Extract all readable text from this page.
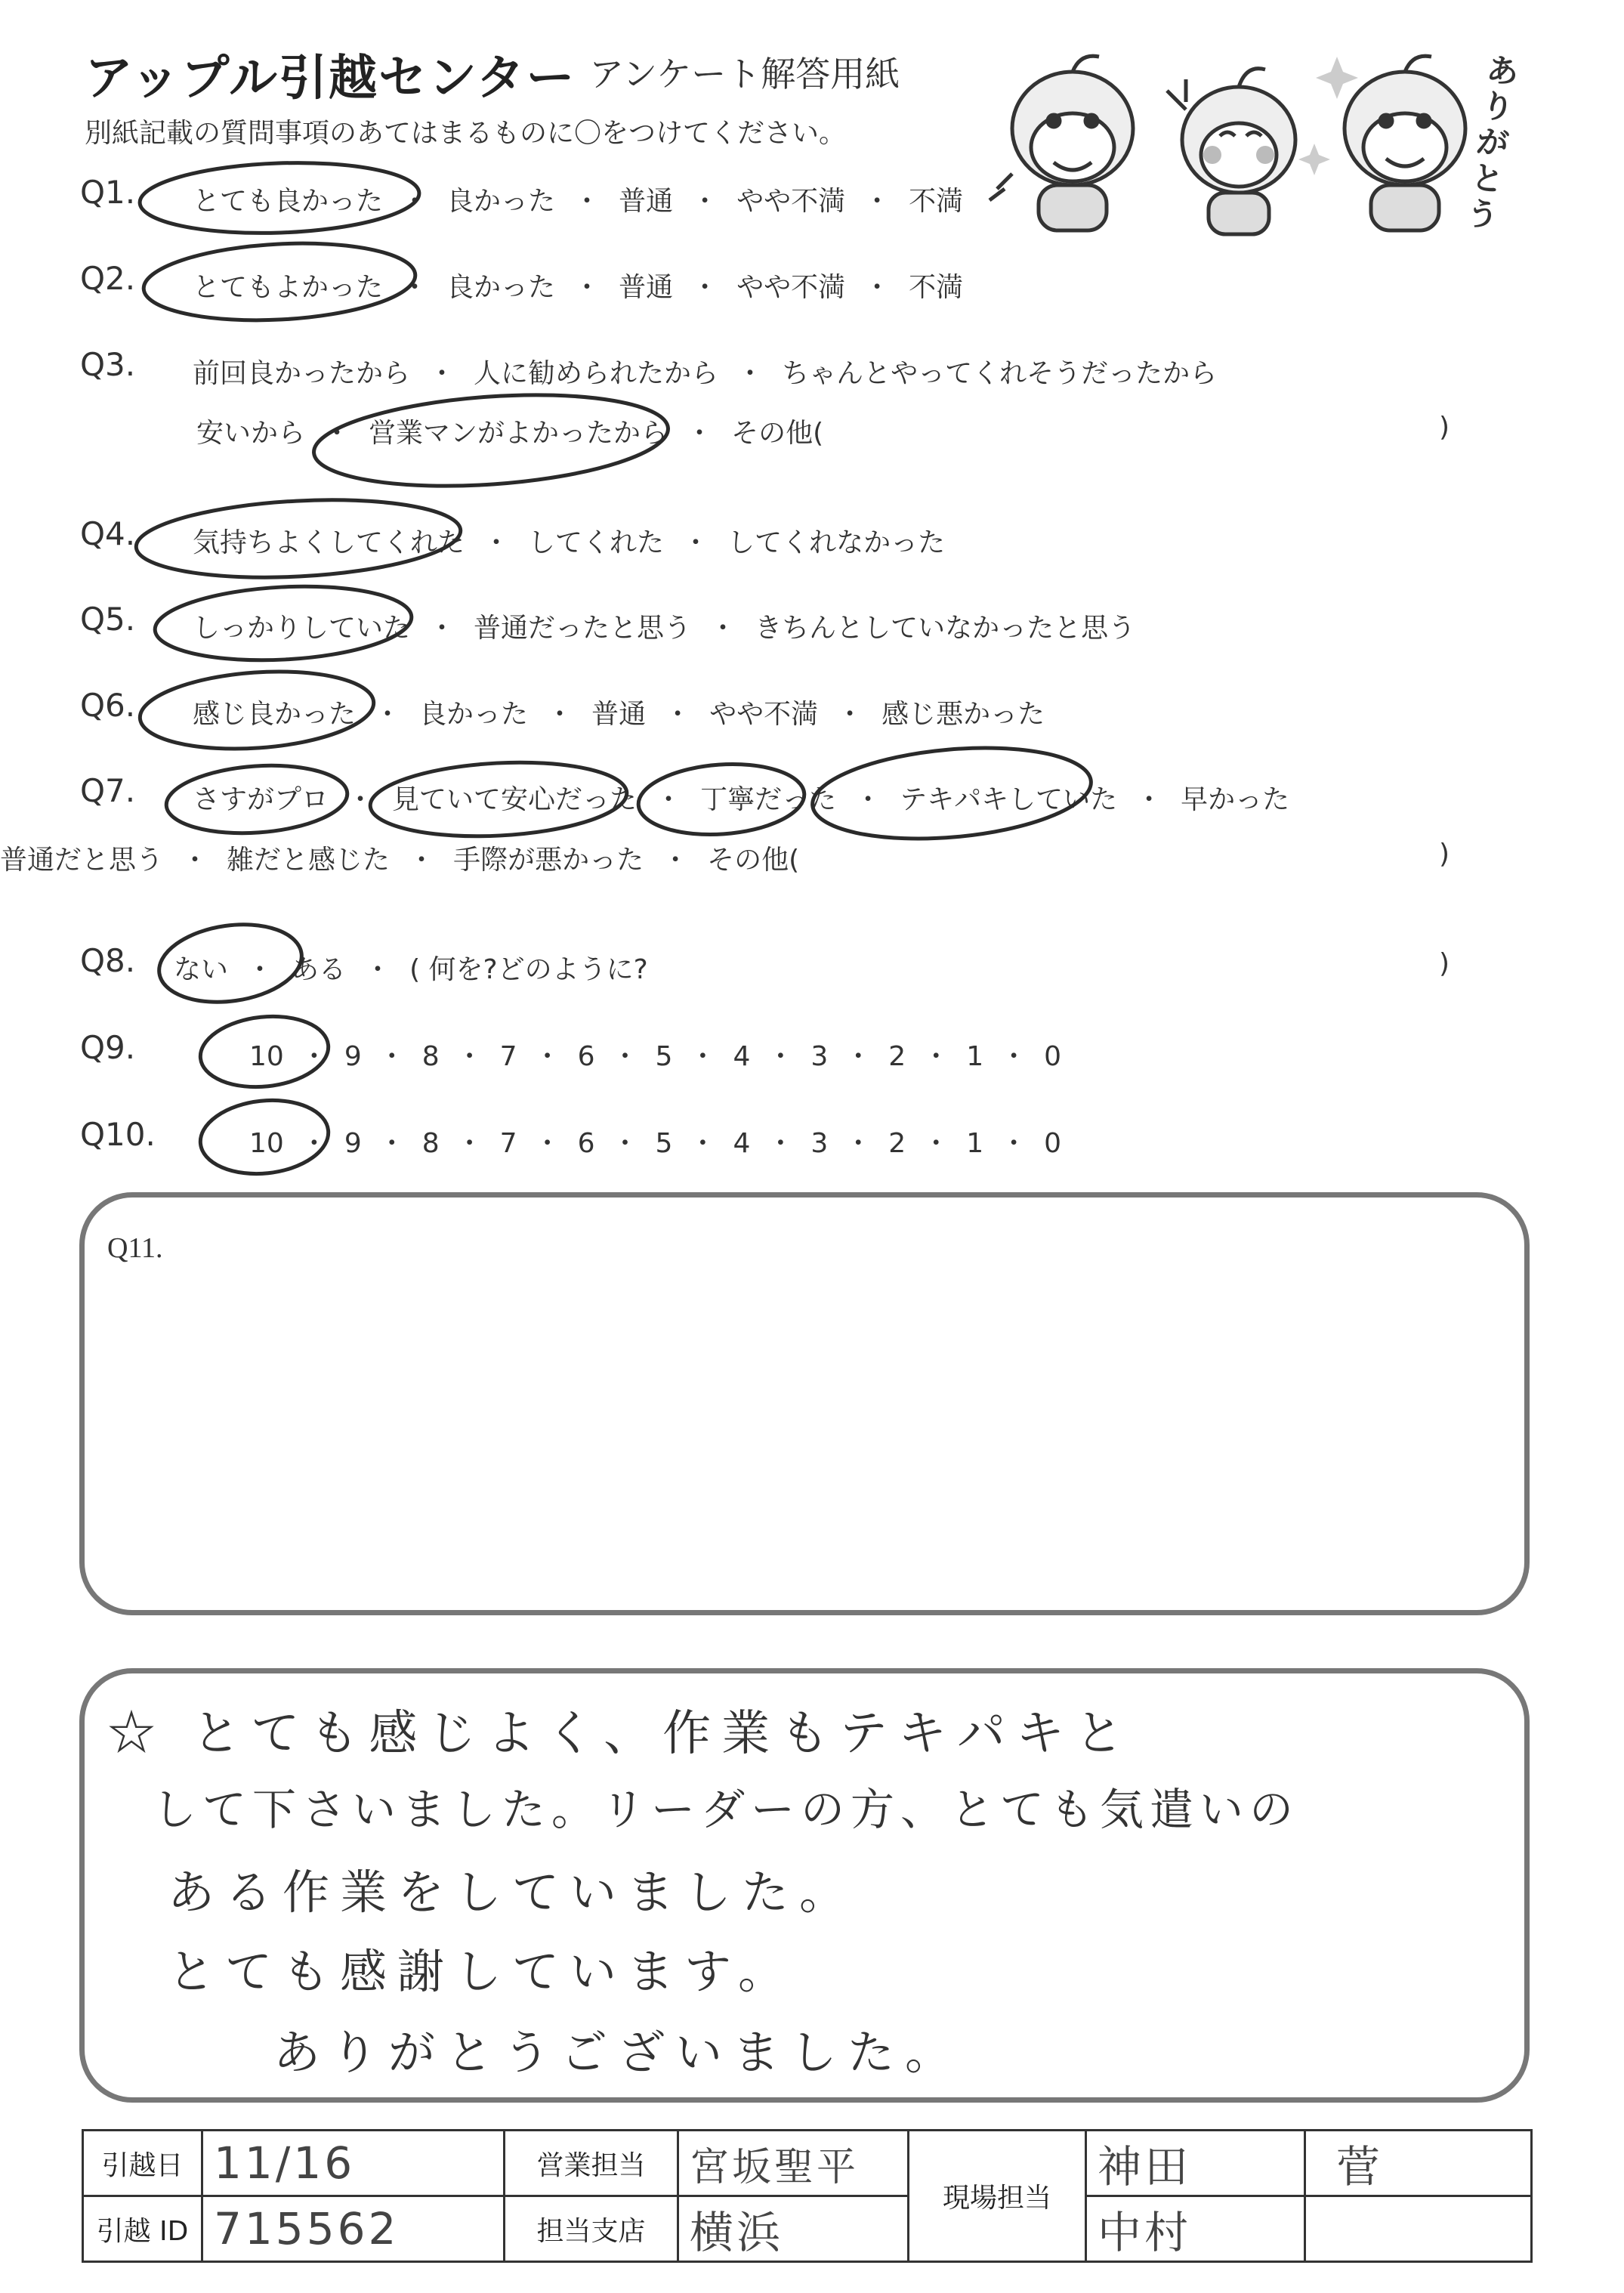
アップル引越センター アンケート解答用紙
別紙記載の質問事項のあてはまるものに〇をつけてください。
ありがとう
Q1. とても良かった ・ 良かった ・ 普通 ・ やや不満 ・ 不満
Q2. とてもよかった ・ 良かった ・ 普通 ・ やや不満 ・ 不満
Q3. 前回良かったから ・ 人に勧められたから ・ ちゃんとやってくれそうだったから
安いから ・ 営業マンがよかったから ・ その他(	)
Q4. 気持ちよくしてくれた ・ してくれた ・ してくれなかった
Q5. しっかりしていた ・ 普通だったと思う ・ きちんとしていなかったと思う
Q6. 感じ良かった ・ 良かった ・ 普通 ・ やや不満 ・ 感じ悪かった
Q7. さすがプロ ・ 見ていて安心だった ・ 丁寧だった ・ テキパキしていた ・ 早かった
普通だと思う ・ 雑だと感じた ・ 手際が悪かった ・ その他(	)
Q8. ない ・ ある ・ ( 何を?どのように?	)
Q9.	10 ・ 9 ・ 8 ・ 7 ・ 6 ・ 5 ・ 4 ・ 3 ・ 2 ・ 1 ・ 0
Q10.	10 ・ 9 ・ 8 ・ 7 ・ 6 ・ 5 ・ 4 ・ 3 ・ 2 ・ 1 ・ 0
Q11.
☆ とても感じよく、作業もテキパキと
して下さいました。リーダーの方、とても気遣いの
ある作業をしていました。
とても感謝しています。
ありがとうございました。
引越日	11/16	営業担当	宮坂聖平	現場担当	神田	菅
引越 ID	715562	担当支店	横浜		中村	
